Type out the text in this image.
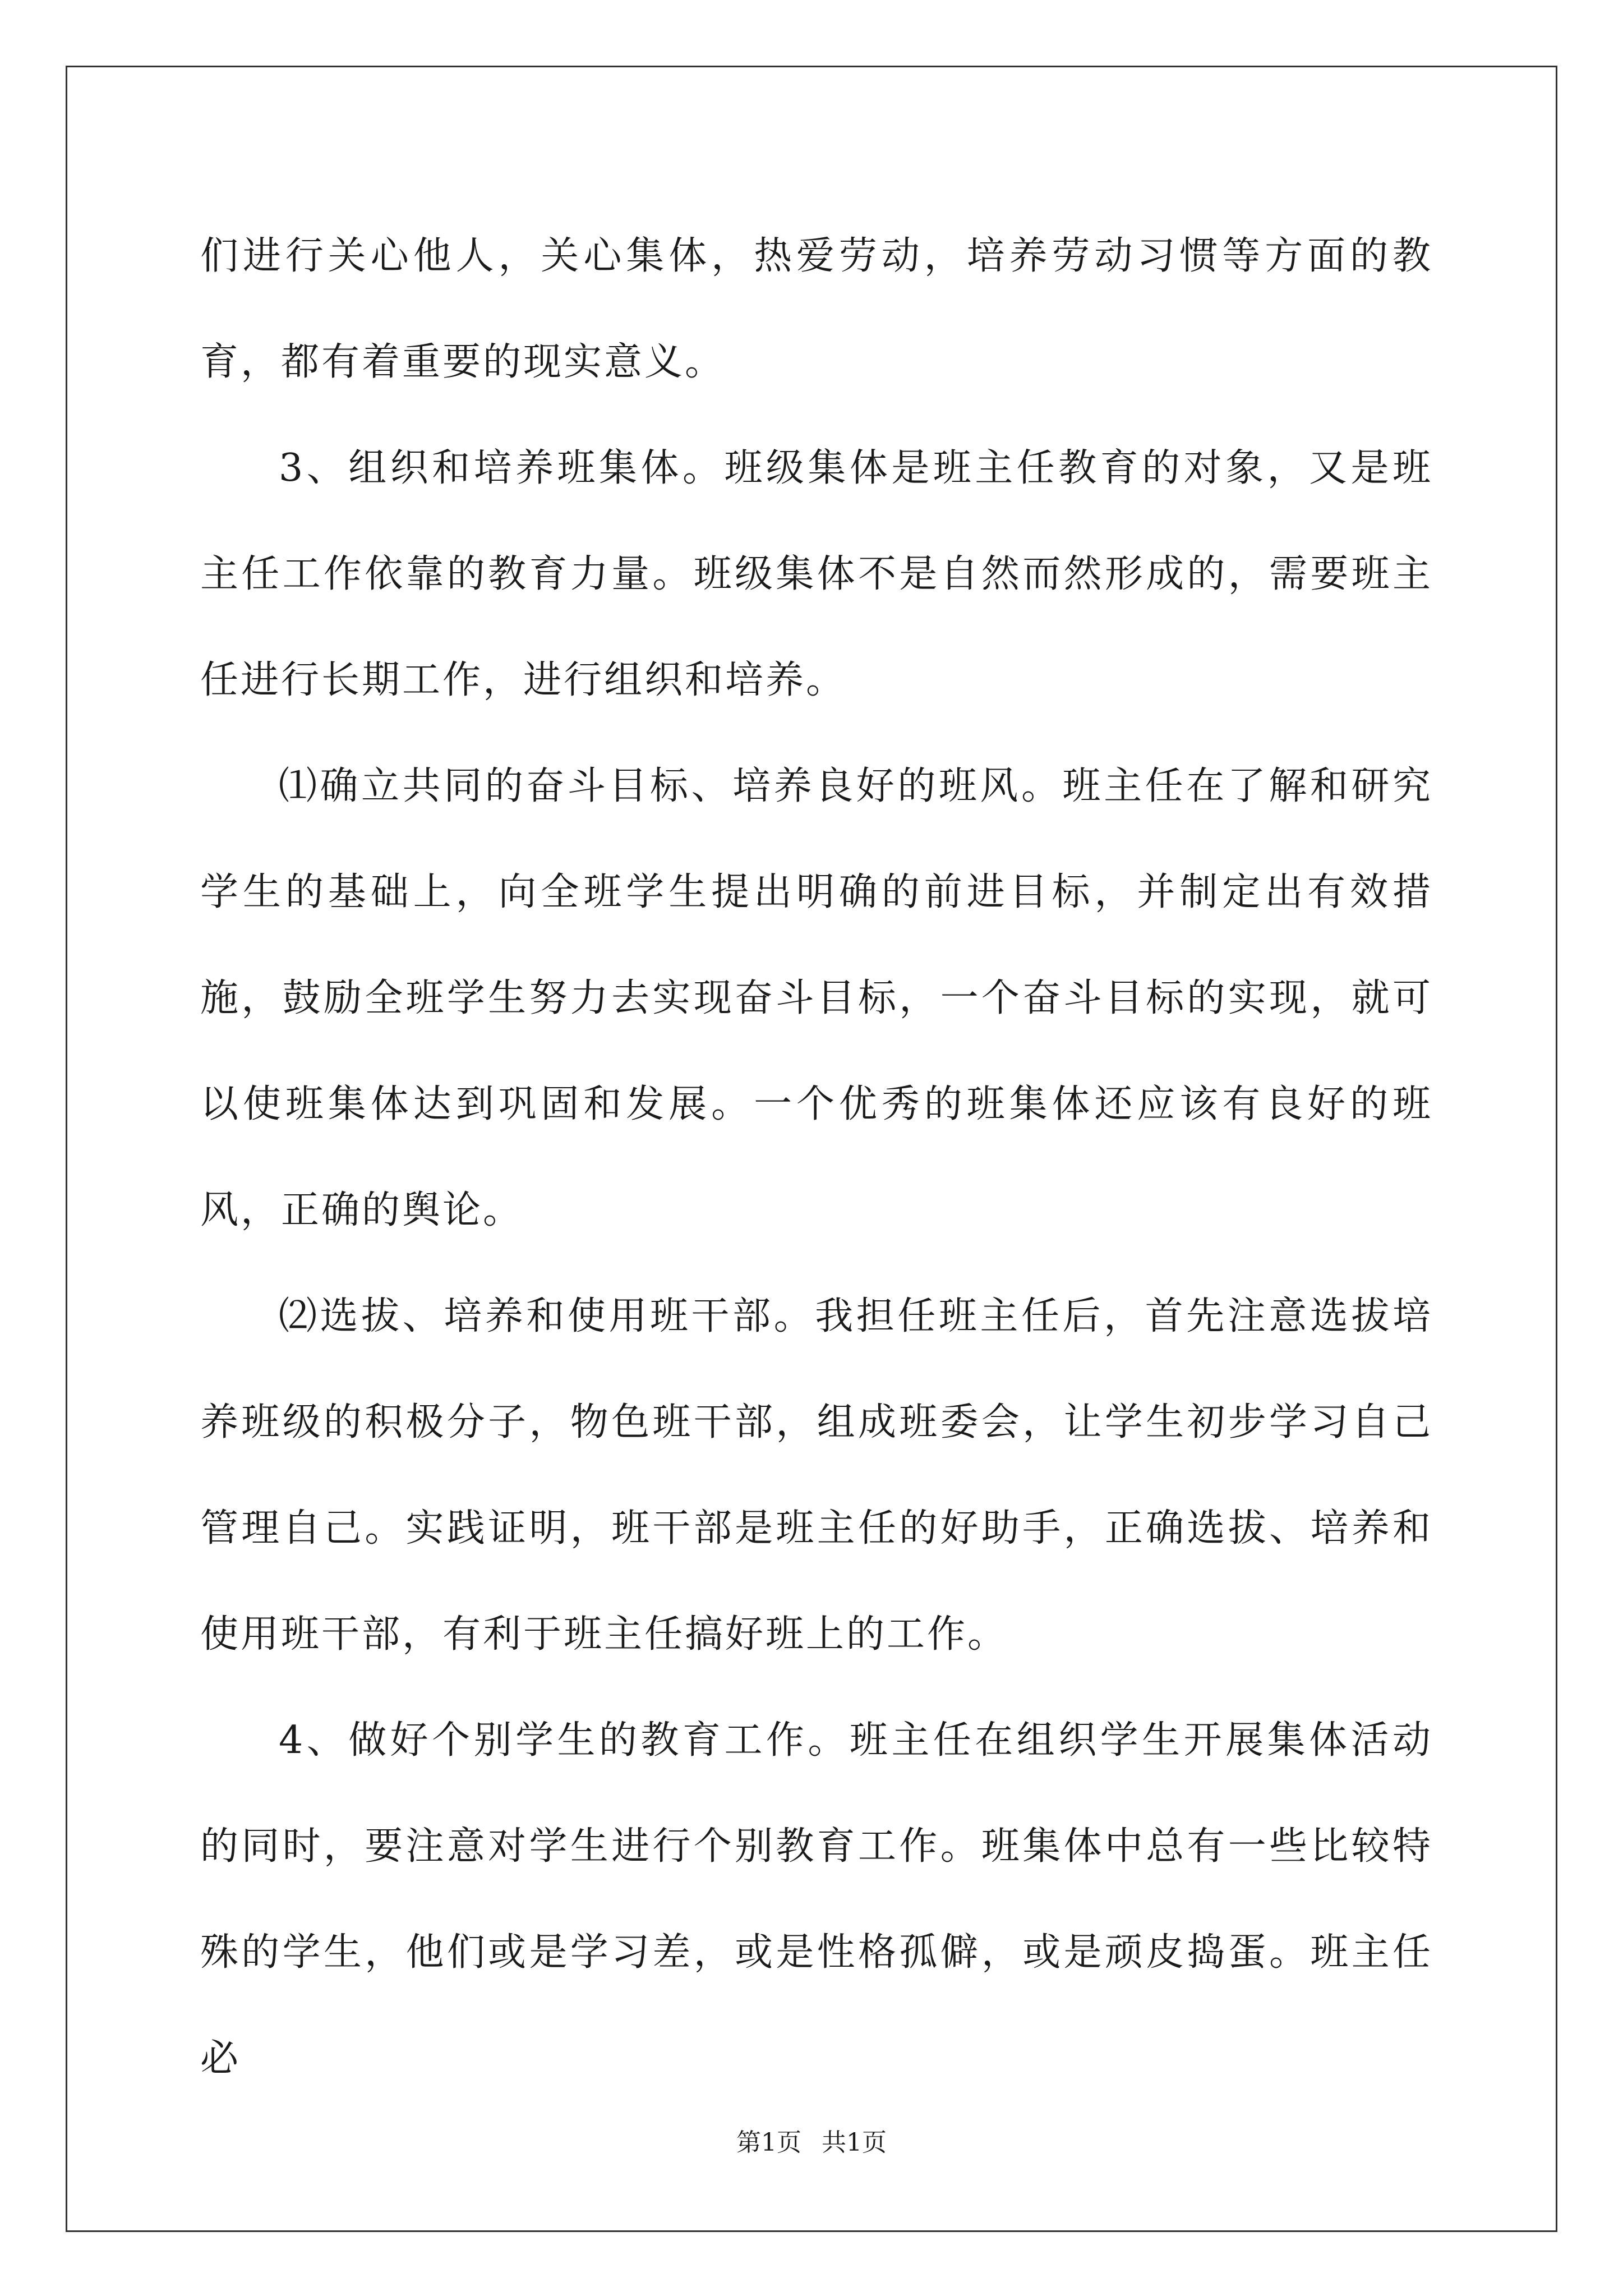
们进行关心他人，关心集体，热爱劳动，培养劳动习惯等方面的教育，都有着重要的现实意义。

3、组织和培养班集体。班级集体是班主任教育的对象，又是班主任工作依靠的教育力量。班级集体不是自然而然形成的，需要班主任进行长期工作，进行组织和培养。

⑴确立共同的奋斗目标、培养良好的班风。班主任在了解和研究学生的基础上，向全班学生提出明确的前进目标，并制定出有效措施，鼓励全班学生努力去实现奋斗目标，一个奋斗目标的实现，就可以使班集体达到巩固和发展。一个优秀的班集体还应该有良好的班风，正确的舆论。

⑵选拔、培养和使用班干部。我担任班主任后，首先注意选拔培养班级的积极分子，物色班干部，组成班委会，让学生初步学习自己管理自己。实践证明，班干部是班主任的好助手，正确选拔、培养和使用班干部，有利于班主任搞好班上的工作。

4、做好个别学生的教育工作。班主任在组织学生开展集体活动的同时，要注意对学生进行个别教育工作。班集体中总有一些比较特殊的学生，他们或是学习差，或是性格孤僻，或是顽皮捣蛋。班主任必

第1页 共1页
